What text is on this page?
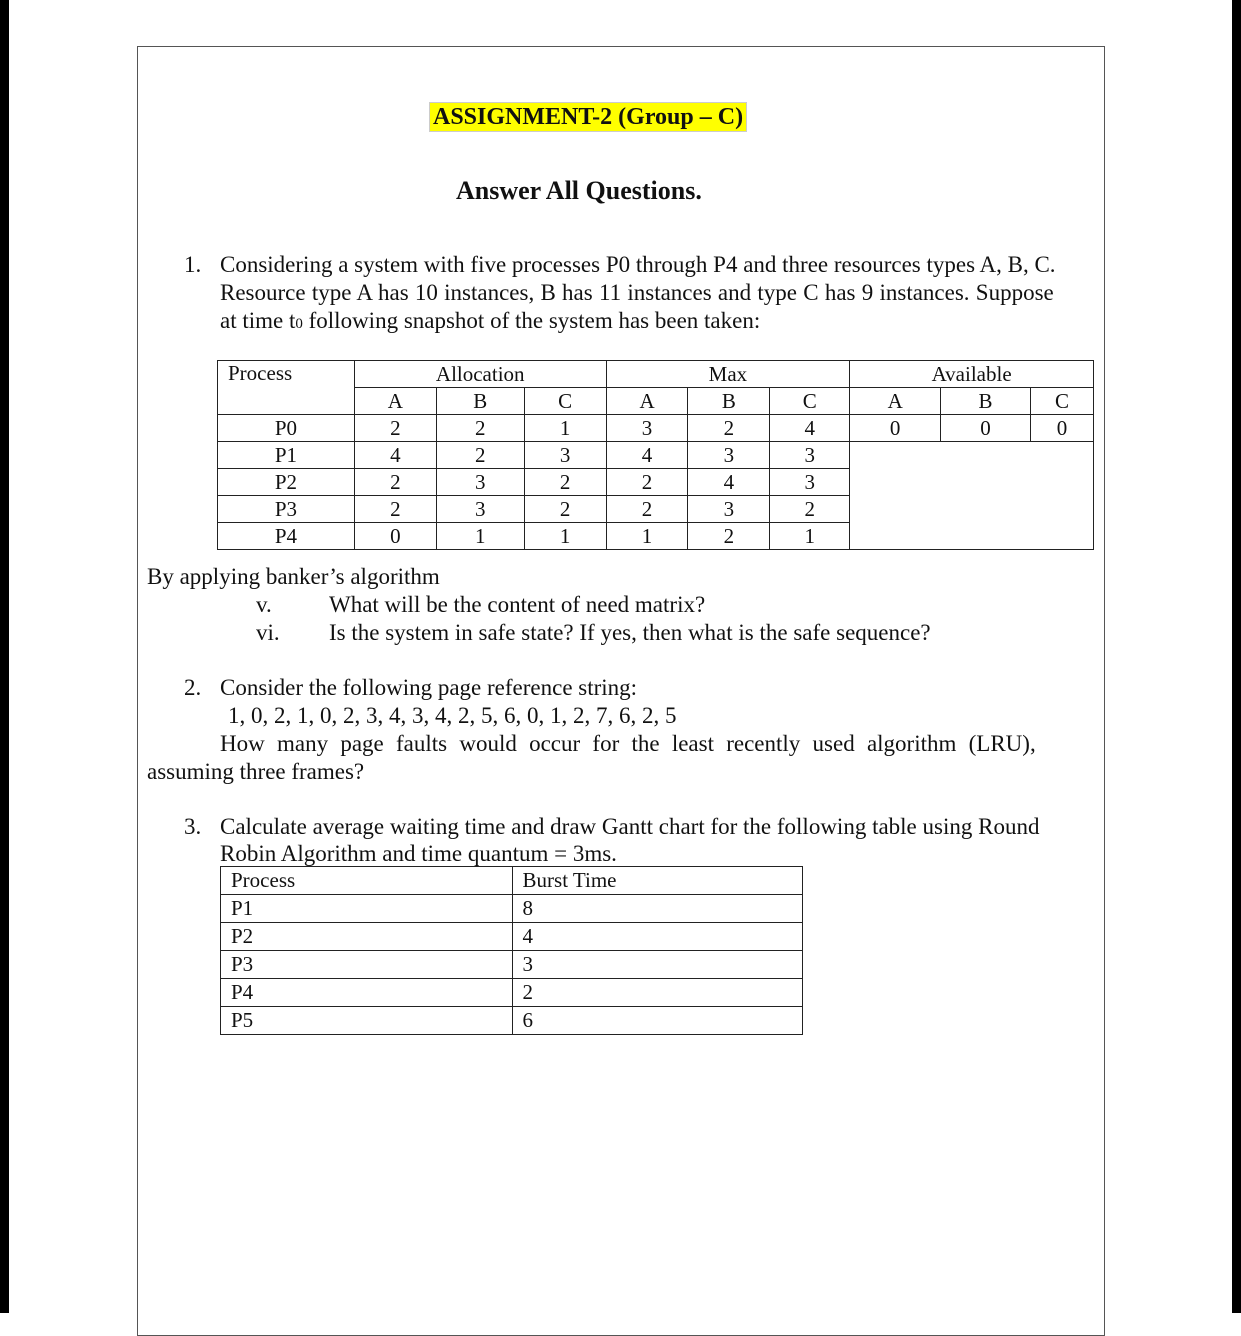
ASSIGNMENT-2 (Group – C)
Answer All Questions.
1. Considering a system with five processes P0 through P4 and three resources types A, B, C.
Resource type A has 10 instances, B has 11 instances and type C has 9 instances. Suppose
at time t0 following snapshot of the system has been taken:
Process	Allocation			Max			Available		
	A	B	C	A	B	C	A	B	C
P0	2	2	1	3	2	4	0	0	0
P1	4	2	3	4	3	3			
P2	2	3	2	2	4	3			
P3	2	3	2	2	3	2			
P4	0	1	1	1	2	1			
By applying banker’s algorithm
v. What will be the content of need matrix?
vi. Is the system in safe state? If yes, then what is the safe sequence?
2. Consider the following page reference string:
1, 0, 2, 1, 0, 2, 3, 4, 3, 4, 2, 5, 6, 0, 1, 2, 7, 6, 2, 5
How many page faults would occur for the least recently used algorithm (LRU),
assuming three frames?
3. Calculate average waiting time and draw Gantt chart for the following table using Round
Robin Algorithm and time quantum = 3ms.
Process	Burst Time
P1	8
P2	4
P3	3
P4	2
P5	6
